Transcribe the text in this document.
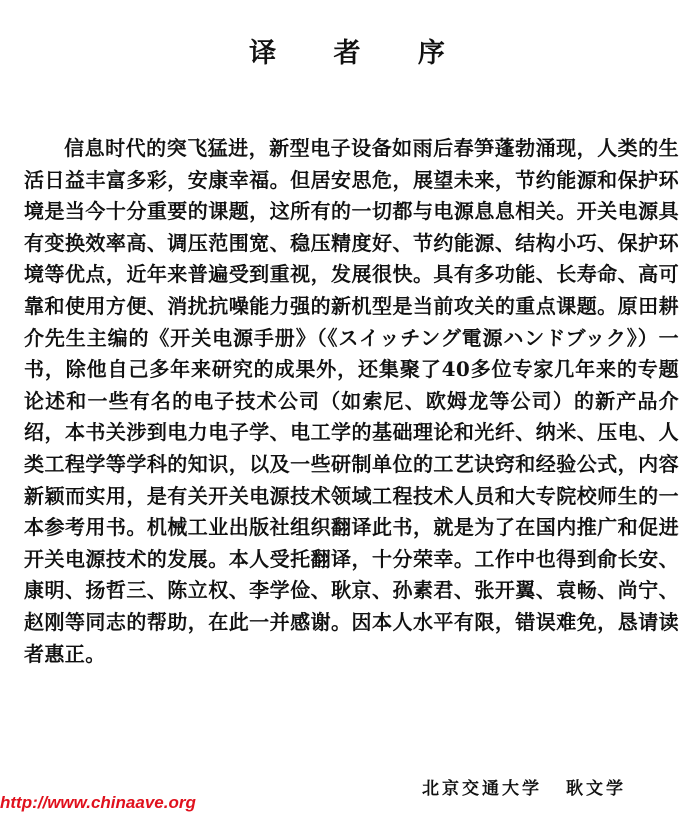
译 者 序

信息时代的突飞猛进，新型电子设备如雨后春笋蓬勃涌现，人类的生活日益丰富多彩，安康幸福。但居安思危，展望未来，节约能源和保护环境是当今十分重要的课题，这所有的一切都与电源息息相关。开关电源具有变换效率高、调压范围宽、稳压精度好、节约能源、结构小巧、保护环境等优点，近年来普遍受到重视，发展很快。具有多功能、长寿命、高可靠和使用方便、消扰抗噪能力强的新机型是当前攻关的重点课题。原田耕介先生主编的《开关电源手册》（《スイッチング電源ハンドブック》）一书，除他自己多年来研究的成果外，还集聚了40多位专家几年来的专题论述和一些有名的电子技术公司（如索尼、欧姆龙等公司）的新产品介绍，本书关涉到电力电子学、电工学的基础理论和光纤、纳米、压电、人类工程学等学科的知识，以及一些研制单位的工艺诀窍和经验公式，内容新颖而实用，是有关开关电源技术领域工程技术人员和大专院校师生的一本参考用书。机械工业出版社组织翻译此书，就是为了在国内推广和促进开关电源技术的发展。本人受托翻译，十分荣幸。工作中也得到俞长安、康明、扬哲三、陈立权、李学俭、耿京、孙素君、张开翼、袁畅、尚宁、赵刚等同志的帮助，在此一并感谢。因本人水平有限，错误难免，恳请读者惠正。

北京交通大学 耿文学
http://www.chinaave.org
